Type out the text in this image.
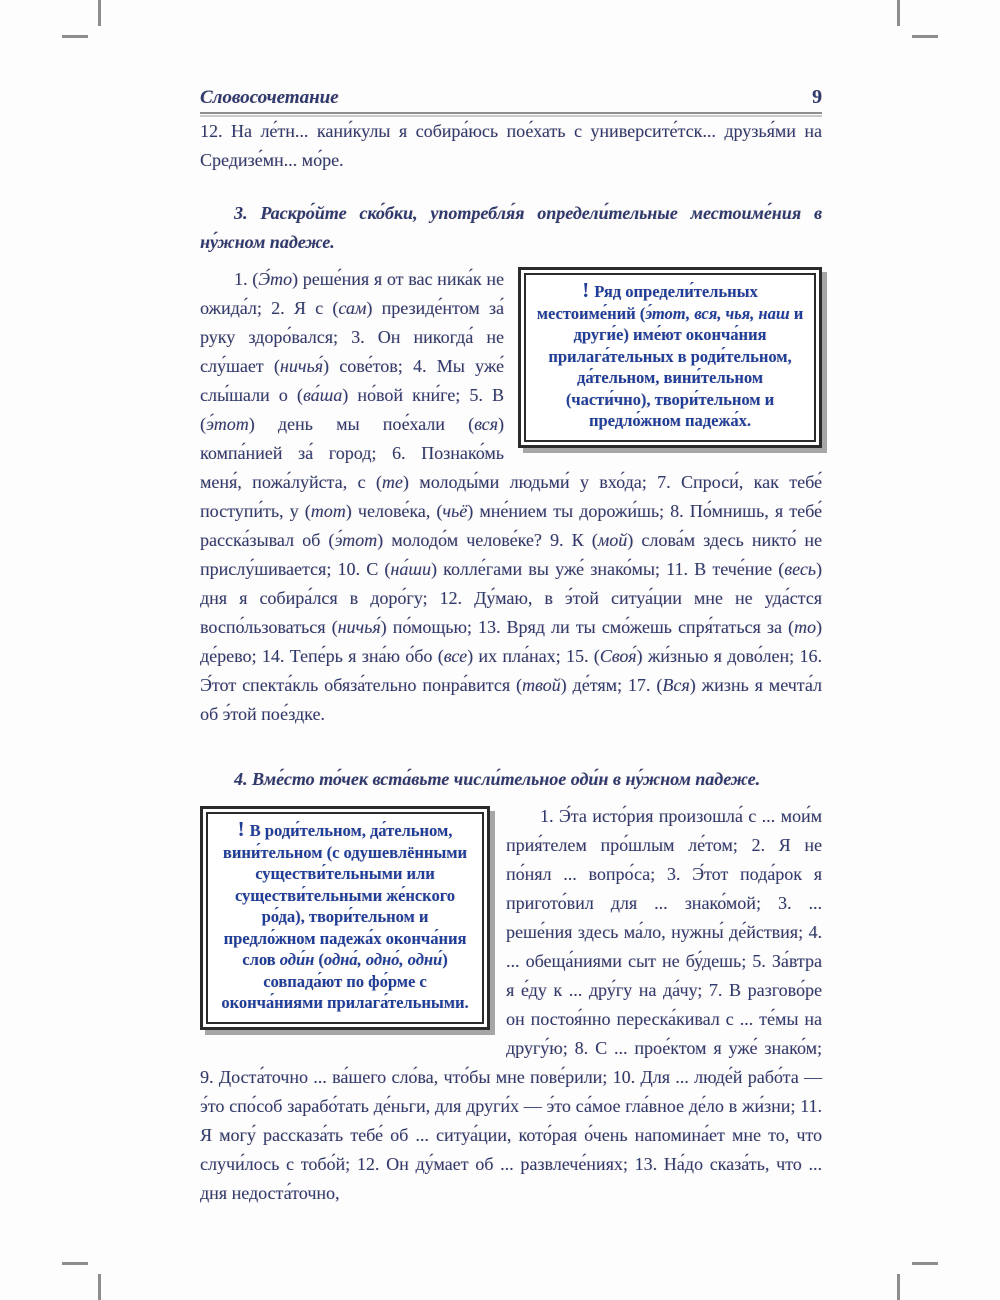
Словосочетание	9

12. На ле́тн... кани́кулы я собира́юсь пое́хать с университе́тск... друзья́ми на Средизе́мн... мо́ре.

3. Раскро́йте ско́бки, употребля́я определи́тельные местоиме́ния в ну́жном падеже.

! Ряд определи́тельных местоиме́ний (э́тот, вся, чья, наш и други́е) име́ют оконча́ния прилага́тельных в роди́тельном, да́тельном, вини́тельном (части́чно), твори́тельном и предло́жном падежа́х.

1. (Э́то) реше́ния я от вас ника́к не ожида́л; 2. Я с (сам) президе́нтом за́ руку здоро́вался; 3. Он никогда́ не слу́шает (ничья́) сове́тов; 4. Мы уже́ слы́шали о (ва́ша) но́вой кни́ге; 5. В (э́тот) день мы пое́хали (вся) компа́нией за́ город; 6. Познако́мь меня́, пожа́луйста, с (те) молоды́ми людьми́ у вхо́да; 7. Спроси́, как тебе́ поступи́ть, у (тот) челове́ка, (чьё) мне́нием ты дорожи́шь; 8. По́мнишь, я тебе́ расска́зывал об (э́тот) молодо́м челове́ке? 9. К (мой) слова́м здесь никто́ не прислу́шивается; 10. С (на́ши) колле́гами вы уже́ знако́мы; 11. В тече́ние (весь) дня я собира́лся в доро́гу; 12. Ду́маю, в э́той ситуа́ции мне не уда́стся воспо́льзоваться (ничья́) по́мощью; 13. Вряд ли ты смо́жешь спря́таться за (то) де́рево; 14. Тепе́рь я зна́ю о́бо (все) их пла́нах; 15. (Своя́) жи́знью я дово́лен; 16. Э́тот спекта́кль обяза́тельно понра́вится (твой) де́тям; 17. (Вся) жизнь я мечта́л об э́той пое́здке.

4. Вме́сто то́чек вста́вьте числи́тельное оди́н в ну́жном падеже.

! В роди́тельном, да́тельном, вини́тельном (с одушевлёнными существи́тельными или существи́тельными же́нского ро́да), твори́тельном и предло́жном падежа́х оконча́ния слов оди́н (одна́, одно́, одни́) совпада́ют по фо́рме с оконча́ниями прилага́тельными.

1. Э́та исто́рия произошла́ с ... мои́м прия́телем про́шлым ле́том; 2. Я не по́нял ... вопро́са; 3. Э́тот пода́рок я пригото́вил для ... знако́мой; 3. ... реше́ния здесь ма́ло, нужны́ де́йствия; 4. ... обеща́ниями сыт не бу́дешь; 5. За́втра я е́ду к ... дру́гу на да́чу; 7. В разгово́ре он постоя́нно переска́кивал с ... те́мы на другу́ю; 8. С ... прое́ктом я уже́ знако́м; 9. Доста́точно ... ва́шего сло́ва, что́бы мне пове́рили; 10. Для ... люде́й рабо́та — э́то спо́соб зарабо́тать де́ньги, для други́х — э́то са́мое гла́вное де́ло в жи́зни; 11. Я могу́ рассказа́ть тебе́ об ... ситуа́ции, кото́рая о́чень напомина́ет мне то, что случи́лось с тобо́й; 12. Он ду́мает об ... развлече́ниях; 13. На́до сказа́ть, что ... дня недоста́точно,
